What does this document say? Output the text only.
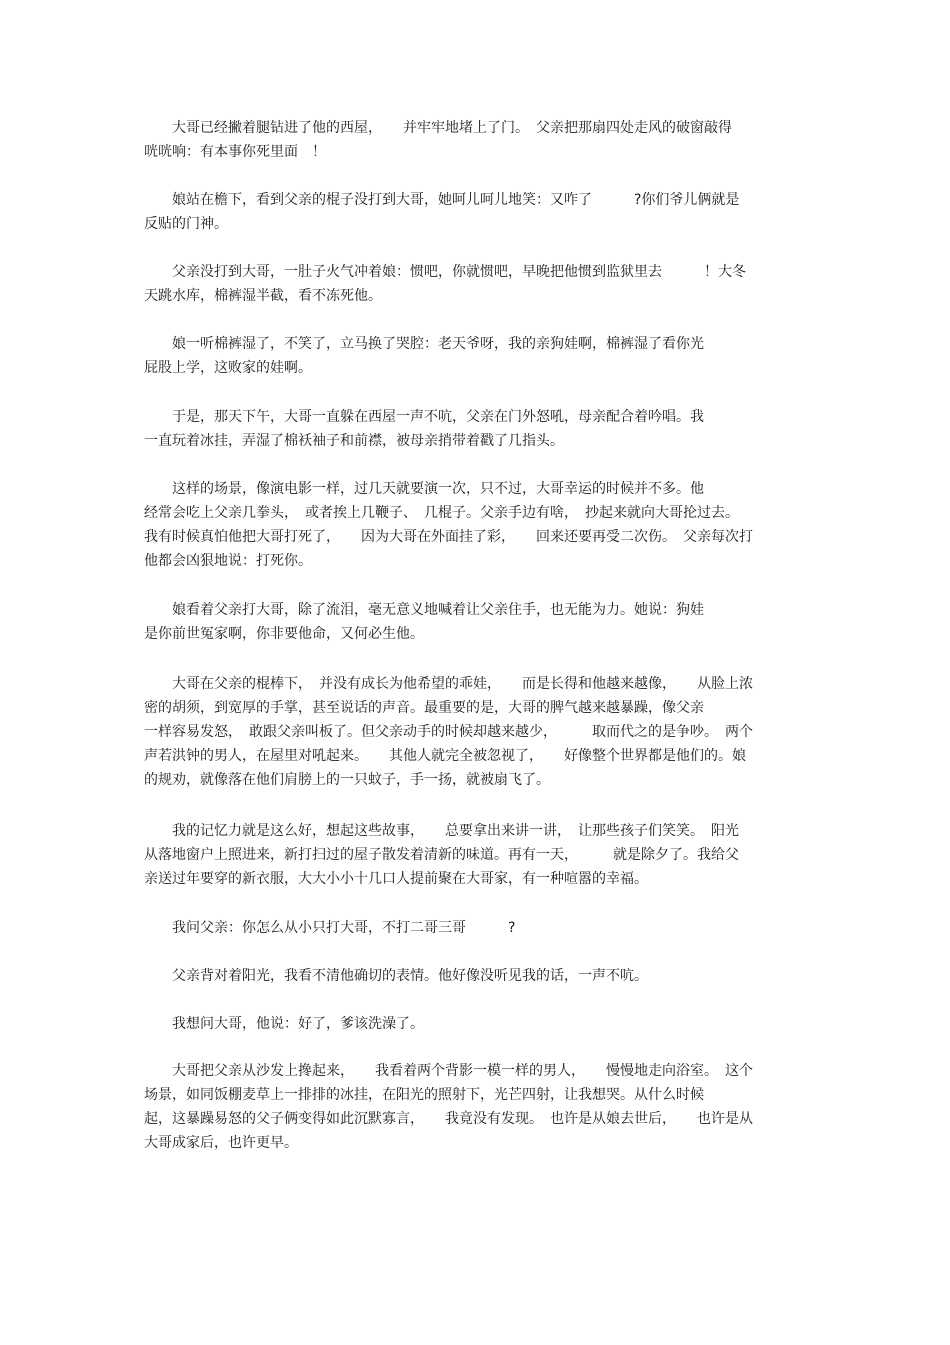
　　大哥已经撇着腿钻进了他的西屋，　　并牢牢地堵上了门。　父亲把那扇四处走风的破窗敲得
咣咣响：有本事你死里面　！
　　娘站在檐下，看到父亲的棍子没打到大哥，她呵儿呵儿地笑：又咋了　　　?你们爷儿俩就是
反贴的门神。
　　父亲没打到大哥，一肚子火气冲着娘：惯吧，你就惯吧，早晚把他惯到监狱里去　　　！大冬
天跳水库，棉裤湿半截，看不冻死他。
　　娘一听棉裤湿了，不笑了，立马换了哭腔：老天爷呀，我的亲狗娃啊，棉裤湿了看你光
屁股上学，这败家的娃啊。
　　于是，那天下午，大哥一直躲在西屋一声不吭，父亲在门外怒吼，母亲配合着吟唱。我
一直玩着冰挂，弄湿了棉袄袖子和前襟，被母亲捎带着戳了几指头。
　　这样的场景，像演电影一样，过几天就要演一次，只不过，大哥幸运的时候并不多。他
经常会吃上父亲几拳头，　或者挨上几鞭子、　几棍子。父亲手边有啥，　抄起来就向大哥抡过去。
我有时候真怕他把大哥打死了，　　因为大哥在外面挂了彩，　　回来还要再受二次伤。　父亲每次打
他都会凶狠地说：打死你。
　　娘看着父亲打大哥，除了流泪，毫无意义地喊着让父亲住手，也无能为力。她说：狗娃
是你前世冤家啊，你非要他命，又何必生他。
　　大哥在父亲的棍棒下，　并没有成长为他希望的乖娃，　　而是长得和他越来越像，　　从脸上浓
密的胡须，到宽厚的手掌，甚至说话的声音。最重要的是，大哥的脾气越来越暴躁，像父亲
一样容易发怒，　敢跟父亲叫板了。但父亲动手的时候却越来越少，　　　取而代之的是争吵。　两个
声若洪钟的男人，在屋里对吼起来。　　其他人就完全被忽视了，　　好像整个世界都是他们的。娘
的规劝，就像落在他们肩膀上的一只蚊子，手一扬，就被扇飞了。
　　我的记忆力就是这么好，想起这些故事，　　总要拿出来讲一讲，　让那些孩子们笑笑。　阳光
从落地窗户上照进来，新打扫过的屋子散发着清新的味道。再有一天，　　　就是除夕了。我给父
亲送过年要穿的新衣服，大大小小十几口人提前聚在大哥家，有一种喧嚣的幸福。
　　我问父亲：你怎么从小只打大哥，不打二哥三哥　　　?
　　父亲背对着阳光，我看不清他确切的表情。他好像没听见我的话，一声不吭。
　　我想问大哥，他说：好了，爹该洗澡了。
　　大哥把父亲从沙发上搀起来，　　我看着两个背影一模一样的男人，　　慢慢地走向浴室。　这个
场景，如同饭棚麦草上一排排的冰挂，在阳光的照射下，光芒四射，让我想哭。从什么时候
起，这暴躁易怒的父子俩变得如此沉默寡言，　　我竟没有发现。　也许是从娘去世后，　　也许是从
大哥成家后，也许更早。
